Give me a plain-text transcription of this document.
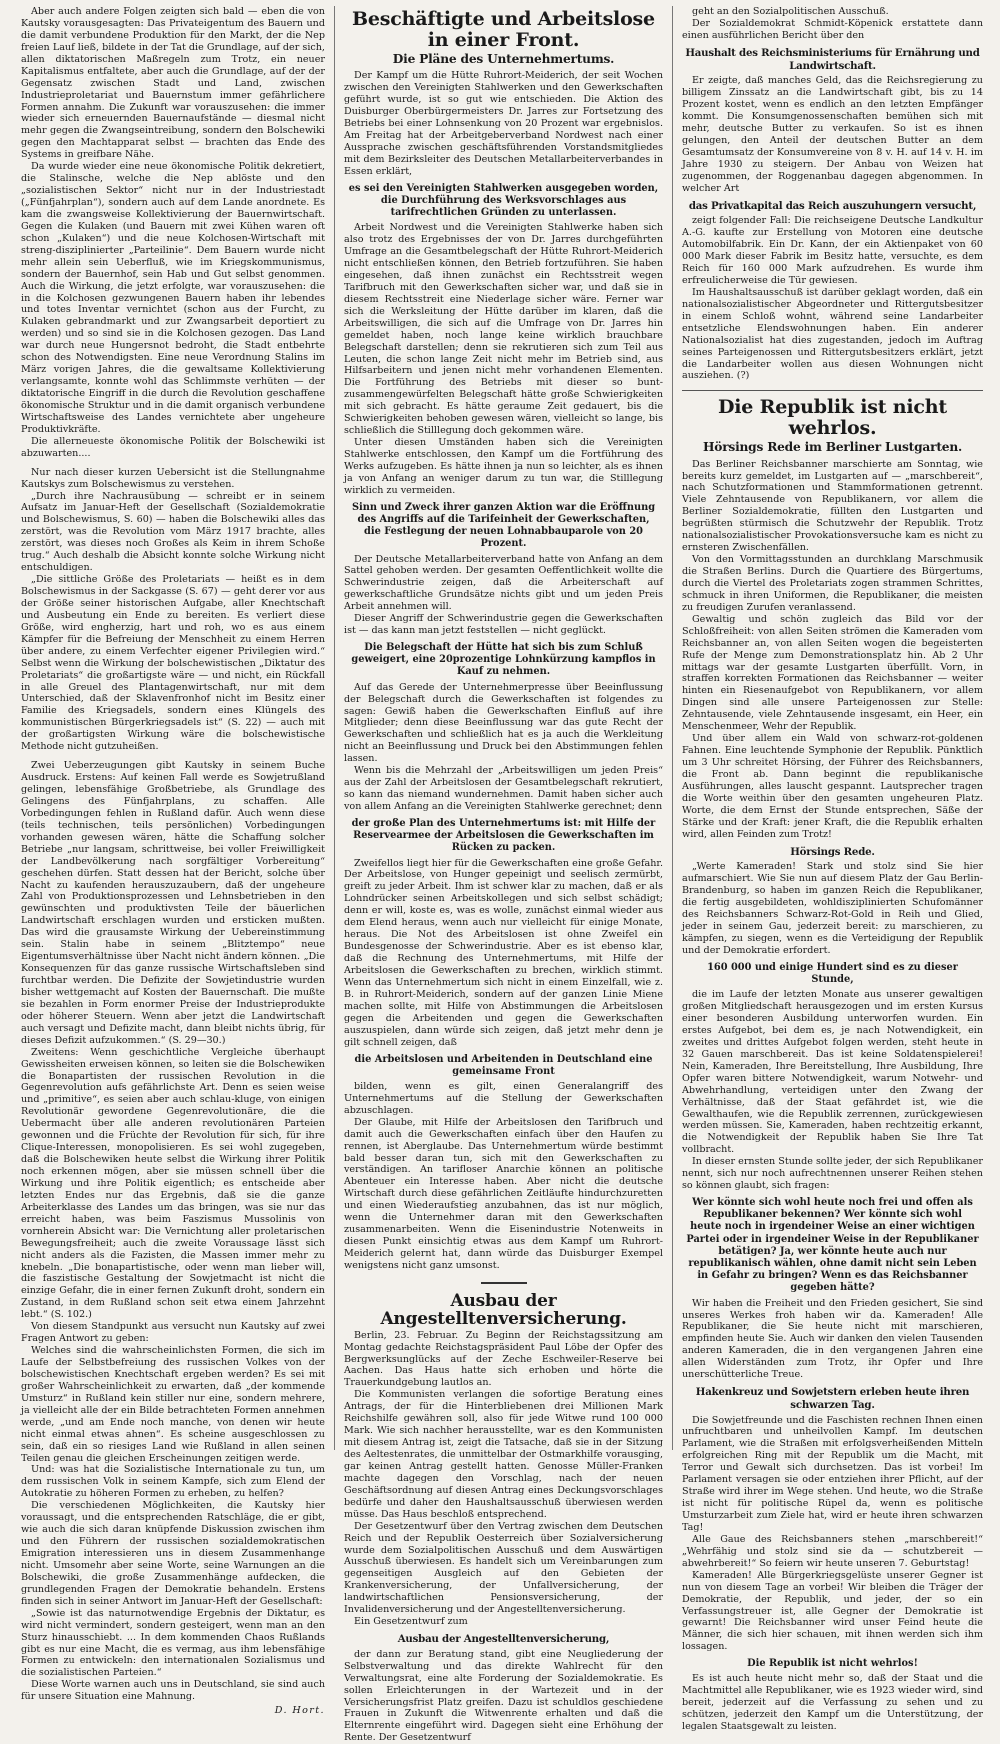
Aber auch andere Folgen zeigten sich bald — eben die von Kautsky vorausgesagten: Das Privateigentum des Bauern und die damit verbundene Produktion für den Markt, der die Nep freien Lauf ließ, bildete in der Tat die Grundlage, auf der sich, allen diktatorischen Maßregeln zum Trotz, ein neuer Kapitalismus entfaltete, aber auch die Grundlage, auf der der Gegensatz zwischen Stadt und Land, zwischen Industrieproletariat und Bauernstum immer gefährlichere Formen annahm. Die Zukunft war vorauszusehen: die immer wieder sich erneuernden Bauernaufstände — diesmal nicht mehr gegen die Zwangseintreibung, sondern den Bolschewiki gegen den Machtapparat selbst — brachten das Ende des Systems in greifbare Nähe.

Da wurde wieder eine neue ökonomische Politik dekretiert, die Stalinsche, welche die Nep ablöste und den „sozialistischen Sektor“ nicht nur in der Industriestadt („Fünfjahrplan“), sondern auch auf dem Lande anordnete. Es kam die zwangsweise Kollektivierung der Bauernwirtschaft. Gegen die Kulaken (und Bauern mit zwei Kühen waren oft schon „Kulaken“) und die neue Kolchosen-Wirtschaft mit streng-disziplinierter „Parteilinie“. Dem Bauern wurde nicht mehr allein sein Ueberfluß, wie im Kriegskommunismus, sondern der Bauernhof, sein Hab und Gut selbst genommen. Auch die Wirkung, die jetzt erfolgte, war vorauszusehen: die in die Kolchosen gezwungenen Bauern haben ihr lebendes und totes Inventar vernichtet (schon aus der Furcht, zu Kulaken gebrandmarkt und zur Zwangsarbeit deportiert zu werden) und so sind sie in die Kolchosen gezogen. Das Land war durch neue Hungersnot bedroht, die Stadt entbehrte schon des Notwendigsten. Eine neue Verordnung Stalins im März vorigen Jahres, die die gewaltsame Kollektivierung verlangsamte, konnte wohl das Schlimmste verhüten — der diktatorische Eingriff in die durch die Revolution geschaffene ökonomische Struktur und in die damit organisch verbundene Wirtschaftsweise des Landes vernichtete aber ungeheure Produktivkräfte.

Die allerneueste ökonomische Politik der Bolschewiki ist abzuwarten....

Nur nach dieser kurzen Uebersicht ist die Stellungnahme Kautskys zum Bolschewismus zu verstehen.

„Durch ihre Nachrausübung — schreibt er in seinem Aufsatz im Januar-Heft der Gesellschaft (Sozialdemokratie und Bolschewismus, S. 60) — haben die Bolschewiki alles das zerstört, was die Revolution vom März 1917 brachte, alles zerstört, was dieses noch Großes als Keim in ihrem Schoße trug.“ Auch deshalb die Absicht konnte solche Wirkung nicht entschuldigen.

„Die sittliche Größe des Proletariats — heißt es in dem Bolschewismus in der Sackgasse (S. 67) — geht derer vor aus der Größe seiner historischen Aufgabe, aller Knechtschaft und Ausbeutung ein Ende zu bereiten. Es verliert diese Größe, wird engherzig, hart und roh, wo es aus einem Kämpfer für die Befreiung der Menschheit zu einem Herren über andere, zu einem Verfechter eigener Privilegien wird.“ Selbst wenn die Wirkung der bolschewistischen „Diktatur des Proletariats“ die großartigste wäre — und nicht, ein Rückfall in alle Greuel des Plantagenwirtschaft, nur mit dem Unterschied, daß der Sklavenfronhof nicht im Besitz einer Familie des Kriegsadels, sondern eines Klüngels des kommunistischen Bürgerkriegsadels ist“ (S. 22) — auch mit der großartigsten Wirkung wäre die bolschewistische Methode nicht gutzuheißen.

Zwei Ueberzeugungen gibt Kautsky in seinem Buche Ausdruck. Erstens: Auf keinen Fall werde es Sowjetrußland gelingen, lebensfähige Großbetriebe, als Grundlage des Gelingens des Fünfjahrplans, zu schaffen. Alle Vorbedingungen fehlen in Rußland dafür. Auch wenn diese (teils technischen, teils persönlichen) Vorbedingungen vorhanden gewesen wären, hätte die Schaffung solcher Betriebe „nur langsam, schrittweise, bei voller Freiwilligkeit der Landbevölkerung nach sorgfältiger Vorbereitung“ geschehen dürfen. Statt dessen hat der Bericht, solche über Nacht zu kaufenden herauszuzaubern, daß der ungeheure Zahl von Produktionsprozessen und Lehnsbetrieben in den gewünschten und produktivsten Teile der bäuerlichen Landwirtschaft erschlagen wurden und ersticken mußten. Das wird die grausamste Wirkung der Uebereinstimmung sein. Stalin habe in seinem „Blitztempo“ neue Eigentumsverhältnisse über Nacht nicht ändern können. „Die Konsequenzen für das ganze russische Wirtschaftsleben sind furchtbar werden. Die Defizite der Sowjetindustrie wurden bisher wettgemacht auf Kosten der Bauernschaft. Die mußte sie bezahlen in Form enormer Preise der Industrieprodukte oder höherer Steuern. Wenn aber jetzt die Landwirtschaft auch versagt und Defizite macht, dann bleibt nichts übrig, für dieses Defizit aufzukommen.“ (S. 29—30.)

Zweitens: Wenn geschichtliche Vergleiche überhaupt Gewissheiten erweisen können, so leiten sie die Bolschewiken die Bonapartisten der russischen Revolution in die Gegenrevolution aufs gefährlichste Art. Denn es seien weise und „primitive“, es seien aber auch schlau-kluge, von einigen Revolutionär gewordene Gegenrevolutionäre, die die Uebermacht über alle anderen revolutionären Parteien gewonnen und die Früchte der Revolution für sich, für ihre Clique-Interessen, monopolisieren. Es sei wohl zugegeben, daß die Bolschewiken heute selbst die Wirkung ihrer Politik noch erkennen mögen, aber sie müssen schnell über die Wirkung und ihre Politik eigentlich; es entscheide aber letzten Endes nur das Ergebnis, daß sie die ganze Arbeiterklasse des Landes um das bringen, was sie nur das erreicht haben, was beim Faszismus Mussolinis von vornherein Absicht war: Die Vernichtung aller proletarischen Bewegungsfreiheit; auch die zweite Voraussage lässt sich nicht anders als die Fazisten, die Massen immer mehr zu knebeln. „Die bonapartistische, oder wenn man lieber will, die faszistische Gestaltung der Sowjetmacht ist nicht die einzige Gefahr, die in einer fernen Zukunft droht, sondern ein Zustand, in dem Rußland schon seit etwa einem Jahrzehnt lebt.“ (S. 102.)

Von diesem Standpunkt aus versucht nun Kautsky auf zwei Fragen Antwort zu geben:

Welches sind die wahrscheinlichsten Formen, die sich im Laufe der Selbstbefreiung des russischen Volkes von der bolschewistischen Knechtschaft ergeben werden? Es sei mit großer Wahrscheinlichkeit zu erwarten, daß „der kommende Umsturz“ in Rußland kein stiller nur eine, sondern mehrere, ja vielleicht alle der ein Bilde betrachteten Formen annehmen werde, „und am Ende noch manche, von denen wir heute nicht einmal etwas ahnen“. Es scheine ausgeschlossen zu sein, daß ein so riesiges Land wie Rußland in allen seinen Teilen genau die gleichen Erscheinungen zeitigen werde.

Und: was hat die Sozialistische Internationale zu tun, um dem russischen Volk in seinem Kampfe, sich zum Elend der Autokratie zu höheren Formen zu erheben, zu helfen?

Die verschiedenen Möglichkeiten, die Kautsky hier voraussagt, und die entsprechenden Ratschläge, die er gibt, wie auch die sich daran knüpfende Diskussion zwischen ihm und den Führern der russischen sozialdemokratischen Emigration interessieren uns in diesem Zusammenhange nicht. Umsomehr aber seine Worte, seine Warnungen an die Bolschewiki, die große Zusammenhänge aufdecken, die grundlegenden Fragen der Demokratie behandeln. Erstens finden sich in seiner Antwort im Januar-Heft der Gesellschaft:

„Sowie ist das naturnotwendige Ergebnis der Diktatur, es wird nicht vermindert, sondern gesteigert, wenn man an den Sturz hinausschiebt. ... In dem kommenden Chaos Rußlands gibt es nur eine Macht, die es vermag, aus ihm lebensfähige Formen zu entwickeln: den internationalen Sozialismus und die sozialistischen Parteien.“

Diese Worte warnen auch uns in Deutschland, sie sind auch für unsere Situation eine Mahnung.

D. Hort.
Beschäftigte und Arbeitslose in einer Front.
Die Pläne des Unternehmertums.

Der Kampf um die Hütte Ruhrort-Meiderich, der seit Wochen zwischen den Vereinigten Stahlwerken und den Gewerkschaften geführt wurde, ist so gut wie entschieden. Die Aktion des Duisburger Oberbürgermeisters Dr. Jarres zur Fortsetzung des Betriebs bei einer Lohnsenkung von 20 Prozent war ergebnislos. Am Freitag hat der Arbeitgeberverband Nordwest nach einer Aussprache zwischen geschäftsführenden Vorstandsmitgliedes mit dem Bezirksleiter des Deutschen Metallarbeiterverbandes in Essen erklärt,

es sei den Vereinigten Stahlwerken ausgegeben worden, die Durchführung des Werksvorschlages aus tarifrechtlichen Gründen zu unterlassen.

Arbeit Nordwest und die Vereinigten Stahlwerke haben sich also trotz des Ergebnisses der von Dr. Jarres durchgeführten Umfrage an die Gesamtbelegschaft der Hütte Ruhrort-Meiderich nicht entschließen können, den Betrieb fortzuführen. Sie haben eingesehen, daß ihnen zunächst ein Rechtsstreit wegen Tarifbruch mit den Gewerkschaften sicher war, und daß sie in diesem Rechtsstreit eine Niederlage sicher wäre. Ferner war sich die Werksleitung der Hütte darüber im klaren, daß die Arbeitswilligen, die sich auf die Umfrage von Dr. Jarres hin gemeldet haben, noch lange keine wirklich brauchbare Belegschaft darstellen; denn sie rekrutieren sich zum Teil aus Leuten, die schon lange Zeit nicht mehr im Betrieb sind, aus Hilfsarbeitern und jenen nicht mehr vorhandenen Elementen. Die Fortführung des Betriebs mit dieser so bunt-zusammengewürfelten Belegschaft hätte große Schwierigkeiten mit sich gebracht. Es hätte geraume Zeit gedauert, bis die Schwierigkeiten behoben gewesen wären, vielleicht so lange, bis schließlich die Stilllegung doch gekommen wäre.

Unter diesen Umständen haben sich die Vereinigten Stahlwerke entschlossen, den Kampf um die Fortführung des Werks aufzugeben. Es hätte ihnen ja nun so leichter, als es ihnen ja von Anfang an weniger darum zu tun war, die Stilllegung wirklich zu vermeiden.

Sinn und Zweck ihrer ganzen Aktion war die Eröffnung des Angriffs auf die Tarifeinheit der Gewerkschaften, die Festlegung der neuen Lohnabbauparole von 20 Prozent.

Der Deutsche Metallarbeiterverband hatte von Anfang an dem Sattel gehoben werden. Der gesamten Oeffentlichkeit wollte die Schwerindustrie zeigen, daß die Arbeiterschaft auf gewerkschaftliche Grundsätze nichts gibt und um jeden Preis Arbeit annehmen will.

Dieser Angriff der Schwerindustrie gegen die Gewerkschaften ist — das kann man jetzt feststellen — nicht geglückt.

Die Belegschaft der Hütte hat sich bis zum Schluß geweigert, eine 20prozentige Lohnkürzung kampflos in Kauf zu nehmen.

Auf das Gerede der Unternehmerpresse über Beeinflussung der Belegschaft durch die Gewerkschaften ist folgendes zu sagen: Gewiß haben die Gewerkschaften Einfluß auf ihre Mitglieder; denn diese Beeinflussung war das gute Recht der Gewerkschaften und schließlich hat es ja auch die Werkleitung nicht an Beeinflussung und Druck bei den Abstimmungen fehlen lassen.

Wenn bis die Mehrzahl der „Arbeitswilligen um jeden Preis“ aus der Zahl der Arbeitslosen der Gesamtbelegschaft rekrutiert, so kann das niemand wundernehmen. Damit haben sicher auch von allem Anfang an die Vereinigten Stahlwerke gerechnet; denn

der große Plan des Unternehmertums ist: mit Hilfe der Reservearmee der Arbeitslosen die Gewerkschaften im Rücken zu packen.

Zweifellos liegt hier für die Gewerkschaften eine große Gefahr. Der Arbeitslose, von Hunger gepeinigt und seelisch zermürbt, greift zu jeder Arbeit. Ihm ist schwer klar zu machen, daß er als Lohndrücker seinen Arbeitskollegen und sich selbst schädigt; denn er will, koste es, was es wolle, zunächst einmal wieder aus dem Elend heraus, wenn auch nur vielleicht für einige Monate, heraus. Die Not des Arbeitslosen ist ohne Zweifel ein Bundesgenosse der Schwerindustrie. Aber es ist ebenso klar, daß die Rechnung des Unternehmertums, mit Hilfe der Arbeitslosen die Gewerkschaften zu brechen, wirklich stimmt. Wenn das Unternehmertum sich nicht in einem Einzelfall, wie z. B. in Ruhrort-Meiderich, sondern auf der ganzen Linie Miene machen sollte, mit Hilfe von Abstimmungen die Arbeitslosen gegen die Arbeitenden und gegen die Gewerkschaften auszuspielen, dann würde sich zeigen, daß jetzt mehr denn je gilt schnell zeigen, daß

die Arbeitslosen und Arbeitenden in Deutschland eine gemeinsame Front

bilden, wenn es gilt, einen Generalangriff des Unternehmertums auf die Stellung der Gewerkschaften abzuschlagen.

Der Glaube, mit Hilfe der Arbeitslosen den Tarifbruch und damit auch die Gewerkschaften einfach über den Haufen zu rennen, ist Aberglaube. Das Unternehmertum würde bestimmt bald besser daran tun, sich mit den Gewerkschaften zu verständigen. An tarifloser Anarchie können an politische Abenteuer ein Interesse haben. Aber nicht die deutsche Wirtschaft durch diese gefährlichen Zeitläufte hindurchzuretten und einen Wiederaufstieg anzubahnen, das ist nur möglich, wenn die Unternehmer daran mit den Gewerkschaften zusammenarbeiten. Wenn die Eisenindustrie Notenweits in diesen Punkt einsichtig etwas aus dem Kampf um Ruhrort-Meiderich gelernt hat, dann würde das Duisburger Exempel wenigstens nicht ganz umsonst.

Ausbau der Angestelltenversicherung.

Berlin, 23. Februar. Zu Beginn der Reichstagssitzung am Montag gedachte Reichstagspräsident Paul Löbe der Opfer des Bergwerksunglücks auf der Zeche Eschweiler-Reserve bei Aachen. Das Haus hatte sich erhoben und hörte die Trauerkundgebung lautlos an.

Die Kommunisten verlangen die sofortige Beratung eines Antrags, der für die Hinterbliebenen drei Millionen Mark Reichshilfe gewähren soll, also für jede Witwe rund 100 000 Mark. Wie sich nachher herausstellte, war es den Kommunisten mit diesem Antrag ist, zeigt die Tatsache, daß sie in der Sitzung des Aeltestenrates, die unmittelbar der Ostmarkhilfe vorausging, gar keinen Antrag gestellt hatten. Genosse Müller-Franken machte dagegen den Vorschlag, nach der neuen Geschäftsordnung auf diesen Antrag eines Deckungsvorschlages bedürfe und daher den Haushaltsausschuß überwiesen werden müsse. Das Haus beschloß entsprechend.

Der Gesetzentwurf über den Vertrag zwischen dem Deutschen Reich und der Republik Oesterreich über Sozialversicherung wurde dem Sozialpolitischen Ausschuß und dem Auswärtigen Ausschuß überwiesen. Es handelt sich um Vereinbarungen zum gegenseitigen Ausgleich auf den Gebieten der Krankenversicherung, der Unfallversicherung, der landwirtschaftlichen Pensionsversicherung, der Invalidenversicherung und der Angestelltenversicherung.

Ein Gesetzentwurf zum

Ausbau der Angestelltenversicherung,

der dann zur Beratung stand, gibt eine Neugliederung der Selbstverwaltung und das direkte Wahlrecht für den Verwaltungsrat, eine alte Forderung der Sozialdemokratie. Es sollen Erleichterungen in der Wartezeit und in der Versicherungsfrist Platz greifen. Dazu ist schuldlos geschiedene Frauen in Zukunft die Witwenrente erhalten und daß die Elternrente eingeführt wird. Dagegen sieht eine Erhöhung der Rente. Der Gesetzentwurf

geht an den Sozialpolitischen Ausschuß.

Der Sozialdemokrat Schmidt-Köpenick erstattete dann einen ausführlichen Bericht über den

Haushalt des Reichsministeriums für Ernährung und Landwirtschaft.

Er zeigte, daß manches Geld, das die Reichsregierung zu billigem Zinssatz an die Landwirtschaft gibt, bis zu 14 Prozent kostet, wenn es endlich an den letzten Empfänger kommt. Die Konsumgenossenschaften bemühen sich mit mehr, deutsche Butter zu verkaufen. So ist es ihnen gelungen, den Anteil der deutschen Butter an dem Gesamtumsatz der Konsumvereine von 8 v. H. auf 14 v. H. im Jahre 1930 zu steigern. Der Anbau von Weizen hat zugenommen, der Roggenanbau dagegen abgenommen. In welcher Art

das Privatkapital das Reich auszuhungern versucht,

zeigt folgender Fall: Die reichseigene Deutsche Landkultur A.-G. kaufte zur Erstellung von Motoren eine deutsche Automobilfabrik. Ein Dr. Kann, der ein Aktienpaket von 60 000 Mark dieser Fabrik im Besitz hatte, versuchte, es dem Reich für 160 000 Mark aufzudrehen. Es wurde ihm erfreulicherweise die Tür gewiesen.

Im Haushaltsausschuß ist darüber geklagt worden, daß ein nationalsozialistischer Abgeordneter und Rittergutsbesitzer in einem Schloß wohnt, während seine Landarbeiter entsetzliche Elendswohnungen haben. Ein anderer Nationalsozialist hat dies zugestanden, jedoch im Auftrag seines Parteigenossen und Rittergutsbesitzers erklärt, jetzt die Landarbeiter wollen aus diesen Wohnungen nicht ausziehen. (?)

Die Republik ist nicht wehrlos.
Hörsings Rede im Berliner Lustgarten.

Das Berliner Reichsbanner marschierte am Sonntag, wie bereits kurz gemeldet, im Lustgarten auf — „marschbereit“, nach Schutzformationen und Stammformationen getrennt. Viele Zehntausende von Republikanern, vor allem die Berliner Sozialdemokratie, füllten den Lustgarten und begrüßten stürmisch die Schutzwehr der Republik. Trotz nationalsozialistischer Provokationsversuche kam es nicht zu ernsteren Zwischenfällen.

Von den Vormittagsstunden an durchklang Marschmusik die Straßen Berlins. Durch die Quartiere des Bürgertums, durch die Viertel des Proletariats zogen strammen Schrittes, schmuck in ihren Uniformen, die Republikaner, die meisten zu freudigen Zurufen veranlassend.

Gewaltig und schön zugleich das Bild vor der Schloßfreiheit: von allen Seiten strömen die Kameraden vom Reichsbanner an, von allen Seiten wogen die begeisterten Rufe der Menge zum Demonstrationsplatz hin. Ab 2 Uhr mittags war der gesamte Lustgarten überfüllt. Vorn, in straffen korrekten Formationen das Reichsbanner — weiter hinten ein Riesenaufgebot von Republikanern, vor allem Dingen sind alle unsere Parteigenossen zur Stelle: Zehntausende, viele Zehntausende insgesamt, ein Heer, ein Menschenmeer, Wehr der Republik.

Und über allem ein Wald von schwarz-rot-goldenen Fahnen. Eine leuchtende Symphonie der Republik. Pünktlich um 3 Uhr schreitet Hörsing, der Führer des Reichsbanners, die Front ab. Dann beginnt die republikanische Ausführungen, alles lauscht gespannt. Lautsprecher tragen die Worte weithin über den gesamten ungeheuren Platz. Worte, die dem Ernst der Stunde entsprechen, Säße der Stärke und der Kraft: jener Kraft, die die Republik erhalten wird, allen Feinden zum Trotz!

Hörsings Rede.

„Werte Kameraden! Stark und stolz sind Sie hier aufmarschiert. Wie Sie nun auf diesem Platz der Gau Berlin-Brandenburg, so haben im ganzen Reich die Republikaner, die fertig ausgebildeten, wohldisziplinierten Schufomänner des Reichsbanners Schwarz-Rot-Gold in Reih und Glied, jeder in seinem Gau, jederzeit bereit: zu marschieren, zu kämpfen, zu siegen, wenn es die Verteidigung der Republik und der Demokratie erfordert.

160 000 und einige Hundert sind es zu dieser Stunde,

die im Laufe der letzten Monate aus unserer gewaltigen großen Mitgliedschaft herausgezogen und im ersten Kursus einer besonderen Ausbildung unterworfen wurden. Ein erstes Aufgebot, bei dem es, je nach Notwendigkeit, ein zweites und drittes Aufgebot folgen werden, steht heute in 32 Gauen marschbereit. Das ist keine Soldatenspielerei! Nein, Kameraden, Ihre Bereitstellung, Ihre Ausbildung, Ihre Opfer waren bittere Notwendigkeit, warum Notwehr- und Abwehrhandlung, verteidigen unter den Zwang der Verhältnisse, daß der Staat gefährdet ist, wie die Gewalthaufen, wie die Republik zerrennen, zurückgewiesen werden müssen. Sie, Kameraden, haben rechtzeitig erkannt, die Notwendigkeit der Republik haben Sie Ihre Tat vollbracht.

In dieser ernsten Stunde sollte jeder, der sich Republikaner nennt, sich nur noch aufrechtnennen unserer Reihen stehen so können glaubt, sich fragen:

Wer könnte sich wohl heute noch frei und offen als Republikaner bekennen? Wer könnte sich wohl heute noch in irgendeiner Weise an einer wichtigen Partei oder in irgendeiner Weise in der Republikaner betätigen? Ja, wer könnte heute auch nur republikanisch wählen, ohne damit nicht sein Leben in Gefahr zu bringen? Wenn es das Reichsbanner gegeben hätte?

Wir haben die Freiheit und den Frieden gesichert, Sie sind unseres Werkes froh haben wir da. Kameraden! Alle Republikaner, die Sie heute nicht mit marschieren, empfinden heute Sie. Auch wir danken den vielen Tausenden anderen Kameraden, die in den vergangenen Jahren eine allen Widerständen zum Trotz, ihr Opfer und Ihre unerschütterliche Treue.

Hakenkreuz und Sowjetstern erleben heute ihren schwarzen Tag.

Die Sowjetfreunde und die Faschisten rechnen Ihnen einen unfruchtbaren und unheilvollen Kampf. Im deutschen Parlament, wie die Straßen mit erfolgsverheißenden Mitteln erfolgreichen Ring mit der Republik um die Macht, mit Terror und Gewalt sich durchsetzen. Das ist vorbei! Im Parlament versagen sie oder entziehen ihrer Pflicht, auf der Straße wird ihrer im Wege stehen. Und heute, wo die Straße ist nicht für politische Rüpel da, wenn es politische Umsturzarbeit zum Ziele hat, wird er heute ihren schwarzen Tag!

Alle Gaue des Reichsbanners stehen „marschbereit!“ „Wehrfähig und stolz sind sie da — schutzbereit — abwehrbereit!“ So feiern wir heute unseren 7. Geburtstag!

Kameraden! Alle Bürgerkriegsgelüste unserer Gegner ist nun von diesem Tage an vorbei! Wir bleiben die Träger der Demokratie, der Republik, und jeder, der so ein Verfassungstreuer ist, alle Gegner der Demokratie ist gewarnt! Die Reichsbanner wird unser Feind heute die Männer, die sich hier schauen, mit ihnen werden sich ihm lossagen.

Die Republik ist nicht wehrlos!

Es ist auch heute nicht mehr so, daß der Staat und die Machtmittel alle Republikaner, wie es 1923 wieder wird, sind bereit, jederzeit auf die Verfassung zu sehen und zu schützen, jederzeit den Kampf um die Unterstützung, der legalen Staatsgewalt zu leisten.
